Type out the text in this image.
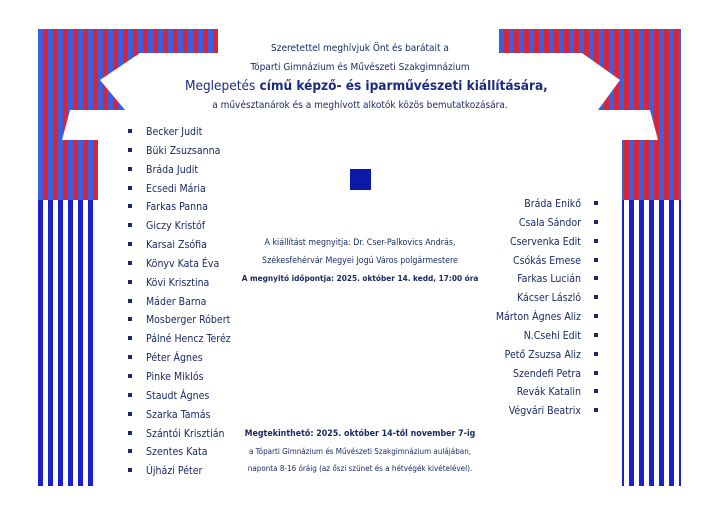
Szeretettel meghívjuk Önt és barátait a
Tóparti Gimnázium és Művészeti Szakgimnázium
Meglepetés című képző- és iparművészeti kiállítására,
a művésztanárok és a meghívott alkotók közös bemutatkozására.
A kiállítást megnyitja: Dr. Cser-Palkovics András,
Székesfehérvár Megyei Jogú Város polgármestere
A megnyitó időpontja: 2025. október 14. kedd, 17:00 óra
Megtekinthető: 2025. október 14-től november 7-ig
a Tóparti Gimnázium és Művészeti Szakgimnázium aulájában,
naponta 8-16 óráig (az őszi szünet és a hétvégék kivételével).
Becker Judit
Büki Zsuzsanna
Bráda Judit
Ecsedi Mária
Farkas Panna
Giczy Kristóf
Karsai Zsófia
Könyv Kata Éva
Kövi Krisztina
Máder Barna
Mosberger Róbert
Pálné Hencz Teréz
Péter Ágnes
Pinke Miklós
Staudt Ágnes
Szarka Tamás
Szántói Krisztián
Szentes Kata
Újházi Péter
Bráda Enikő
Csala Sándor
Cservenka Edit
Csókás Emese
Farkas Lucián
Kácser László
Márton Ágnes Aliz
N.Csehi Edit
Pető Zsuzsa Aliz
Szendefi Petra
Revák Katalin
Végvári Beatrix
